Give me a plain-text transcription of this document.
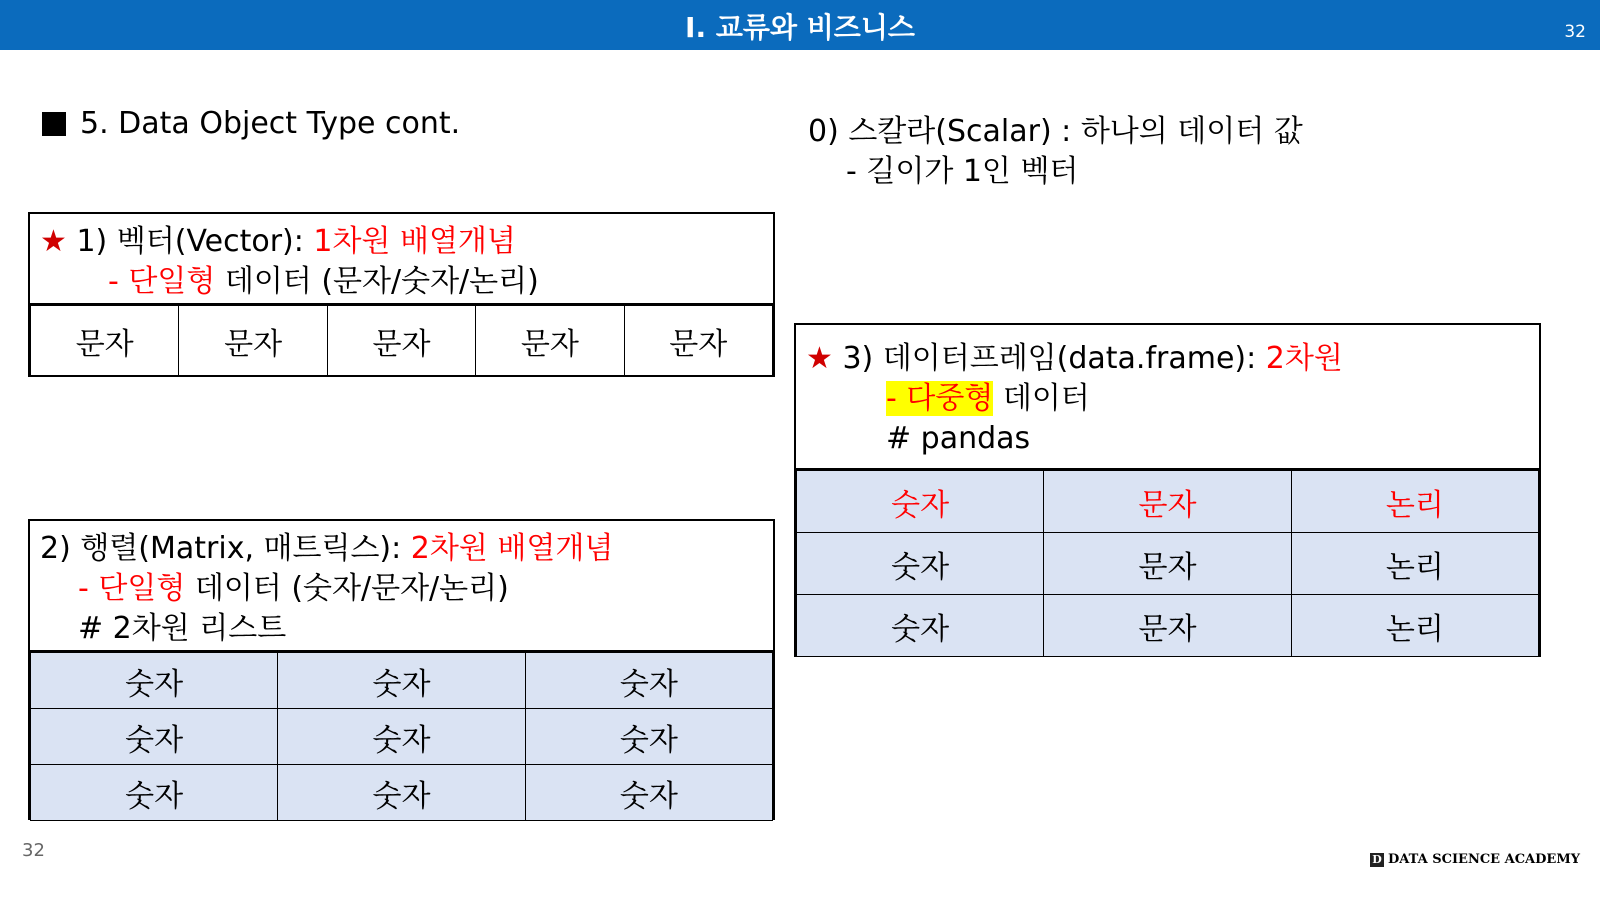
I. 교류와 비즈니스	32
5. Data Object Type cont.	0) 스칼라(Scalar) : 하나의 데이터 값
- 길이가 1인 벡터
★ 1) 벡터(Vector): 1차원 배열개념
- 단일형 데이터 (문자/숫자/논리)
문자	문자	문자	문자	문자
2) 행렬(Matrix, 매트릭스): 2차원 배열개념
- 단일형 데이터 (숫자/문자/논리)
# 2차원 리스트
숫자	숫자	숫자
숫자	숫자	숫자
숫자	숫자	숫자
★ 3) 데이터프레임(data.frame): 2차원
- 다중형 데이터
# pandas
숫자	문자	논리
숫자	문자	논리
숫자	문자	논리
32	D DATA SCIENCE ACADEMY
